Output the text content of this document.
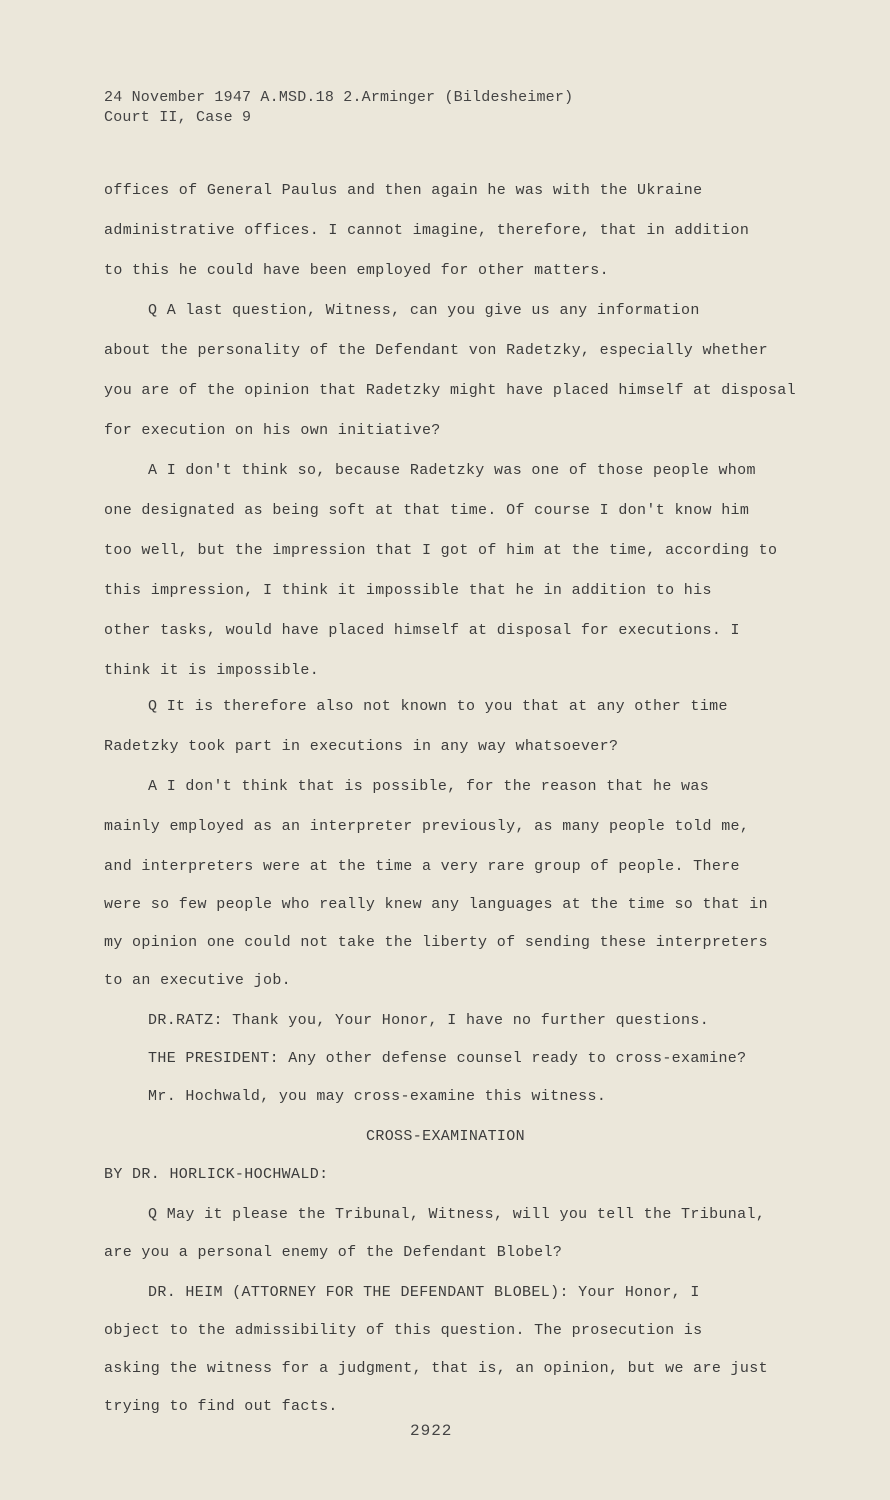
24 November 1947 A.MSD.18 2.Arminger (Bildesheimer)
Court II, Case 9
offices of General Paulus and then again he was with the Ukraine
administrative offices. I cannot imagine, therefore, that in addition
to this he could have been employed for other matters.
Q A last question, Witness, can you give us any information
about the personality of the Defendant von Radetzky, especially whether
you are of the opinion that Radetzky might have placed himself at disposal
for execution on his own initiative?
A I don't think so, because Radetzky was one of those people whom
one designated as being soft at that time. Of course I don't know him
too well, but the impression that I got of him at the time, according to
this impression, I think it impossible that he in addition to his
other tasks, would have placed himself at disposal for executions. I
think it is impossible.
Q It is therefore also not known to you that at any other time
Radetzky took part in executions in any way whatsoever?
A I don't think that is possible, for the reason that he was
mainly employed as an interpreter previously, as many people told me,
and interpreters were at the time a very rare group of people. There
were so few people who really knew any languages at the time so that in
my opinion one could not take the liberty of sending these interpreters
to an executive job.
DR.RATZ: Thank you, Your Honor, I have no further questions.
THE PRESIDENT: Any other defense counsel ready to cross-examine?
Mr. Hochwald, you may cross-examine this witness.
CROSS-EXAMINATION
BY DR. HORLICK-HOCHWALD:
Q May it please the Tribunal, Witness, will you tell the Tribunal,
are you a personal enemy of the Defendant Blobel?
DR. HEIM (ATTORNEY FOR THE DEFENDANT BLOBEL): Your Honor, I
object to the admissibility of this question. The prosecution is
asking the witness for a judgment, that is, an opinion, but we are just
trying to find out facts.
2922
